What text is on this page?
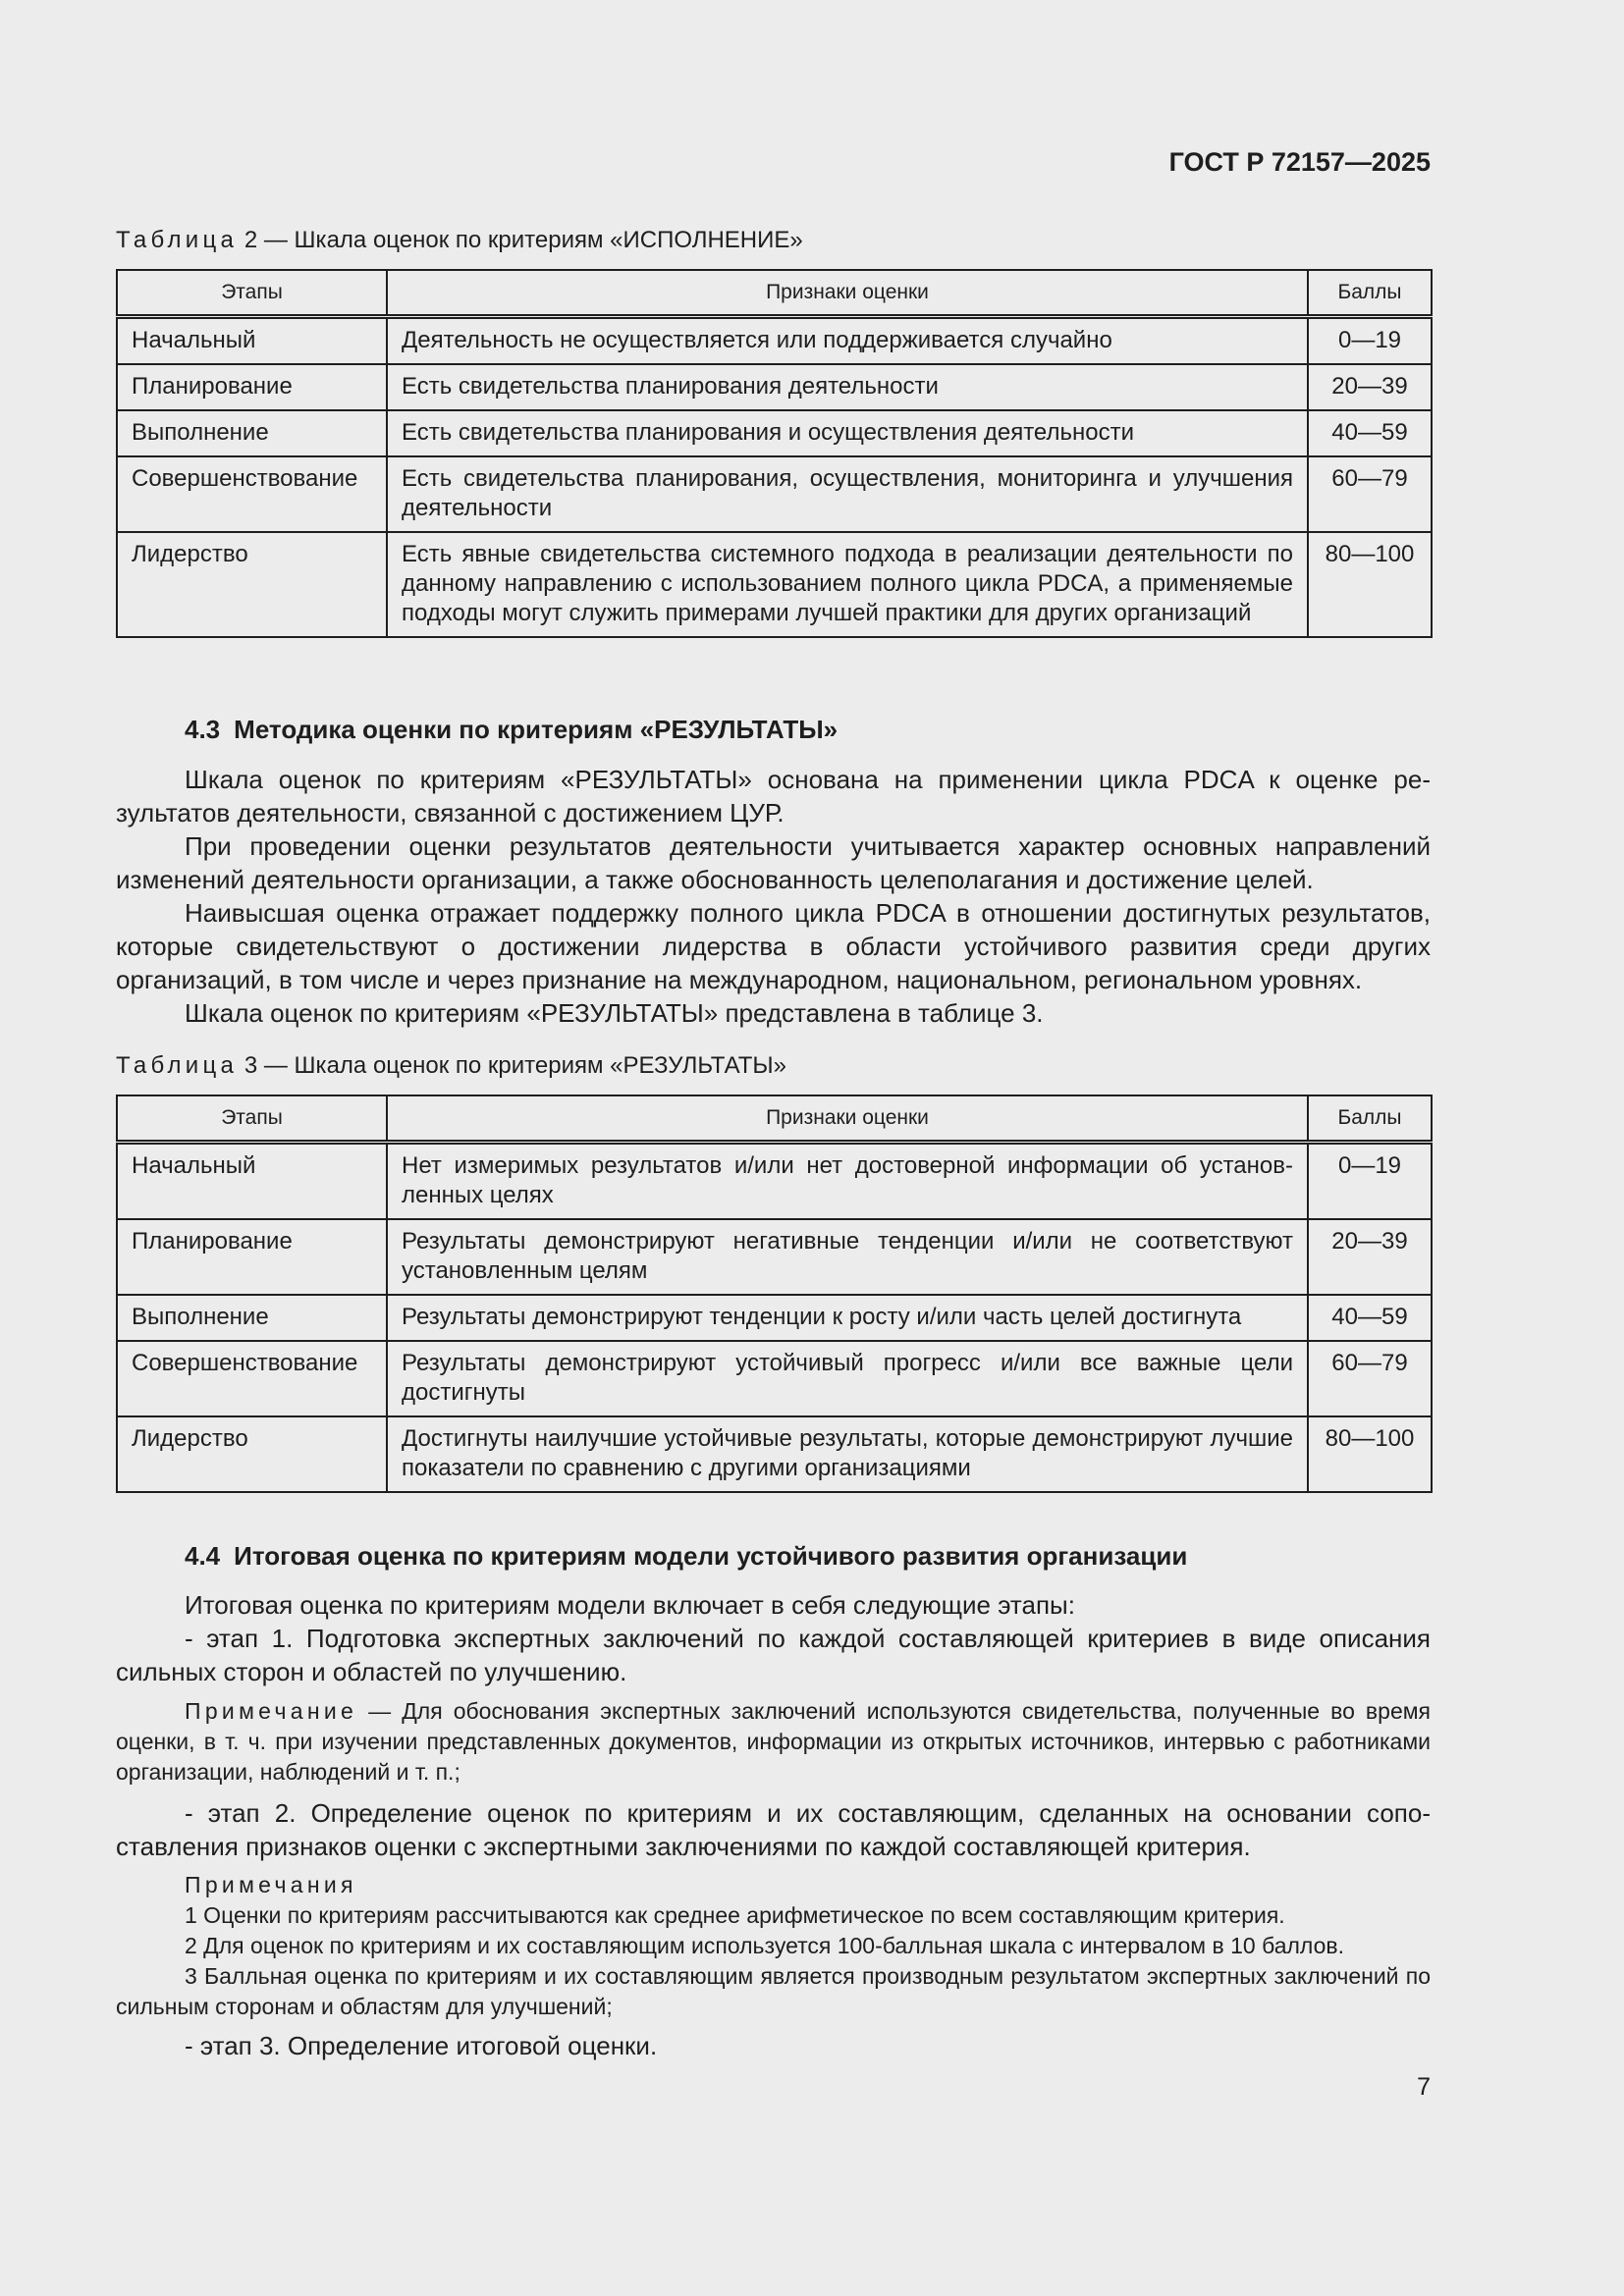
ГОСТ Р 72157—2025
Таблица 2 — Шкала оценок по критериям «ИСПОЛНЕНИЕ»
Этапы	Признаки оценки	Баллы
Начальный	Деятельность не осуществляется или поддерживается случайно	0—19
Планирование	Есть свидетельства планирования деятельности	20—39
Выполнение	Есть свидетельства планирования и осуществления деятельности	40—59
Совершенствование	Есть свидетельства планирования, осуществления, мониторинга и улучшения деятельности	60—79
Лидерство	Есть явные свидетельства системного подхода в реализации деятельности по данному направлению с использованием полного цикла PDCA, а применяемые подходы могут служить примерами лучшей практики для других организаций	80—100
4.3 Методика оценки по критериям «РЕЗУЛЬТАТЫ»
Шкала оценок по критериям «РЕЗУЛЬТАТЫ» основана на применении цикла PDCA к оценке результатов деятельности, связанной с достижением ЦУР.
При проведении оценки результатов деятельности учитывается характер основных направлений изменений деятельности организации, а также обоснованность целеполагания и достижение целей.
Наивысшая оценка отражает поддержку полного цикла PDCA в отношении достигнутых результатов, которые свидетельствуют о достижении лидерства в области устойчивого развития среди других организаций, в том числе и через признание на международном, национальном, региональном уровнях.
Шкала оценок по критериям «РЕЗУЛЬТАТЫ» представлена в таблице 3.
Таблица 3 — Шкала оценок по критериям «РЕЗУЛЬТАТЫ»
Этапы	Признаки оценки	Баллы
Начальный	Нет измеримых результатов и/или нет достоверной информации об установленных целях	0—19
Планирование	Результаты демонстрируют негативные тенденции и/или не соответствуют установленным целям	20—39
Выполнение	Результаты демонстрируют тенденции к росту и/или часть целей достигнута	40—59
Совершенствование	Результаты демонстрируют устойчивый прогресс и/или все важные цели достигнуты	60—79
Лидерство	Достигнуты наилучшие устойчивые результаты, которые демонстрируют лучшие показатели по сравнению с другими организациями	80—100
4.4 Итоговая оценка по критериям модели устойчивого развития организации
Итоговая оценка по критериям модели включает в себя следующие этапы:
- этап 1. Подготовка экспертных заключений по каждой составляющей критериев в виде описания сильных сторон и областей по улучшению.
Примечание — Для обоснования экспертных заключений используются свидетельства, полученные во время оценки, в т. ч. при изучении представленных документов, информации из открытых источников, интервью с работниками организации, наблюдений и т. п.;
- этап 2. Определение оценок по критериям и их составляющим, сделанных на основании сопоставления признаков оценки с экспертными заключениями по каждой составляющей критерия.
Примечания
1 Оценки по критериям рассчитываются как среднее арифметическое по всем составляющим критерия.
2 Для оценок по критериям и их составляющим используется 100-балльная шкала с интервалом в 10 баллов.
3 Балльная оценка по критериям и их составляющим является производным результатом экспертных заключений по сильным сторонам и областям для улучшений;
- этап 3. Определение итоговой оценки.
7
